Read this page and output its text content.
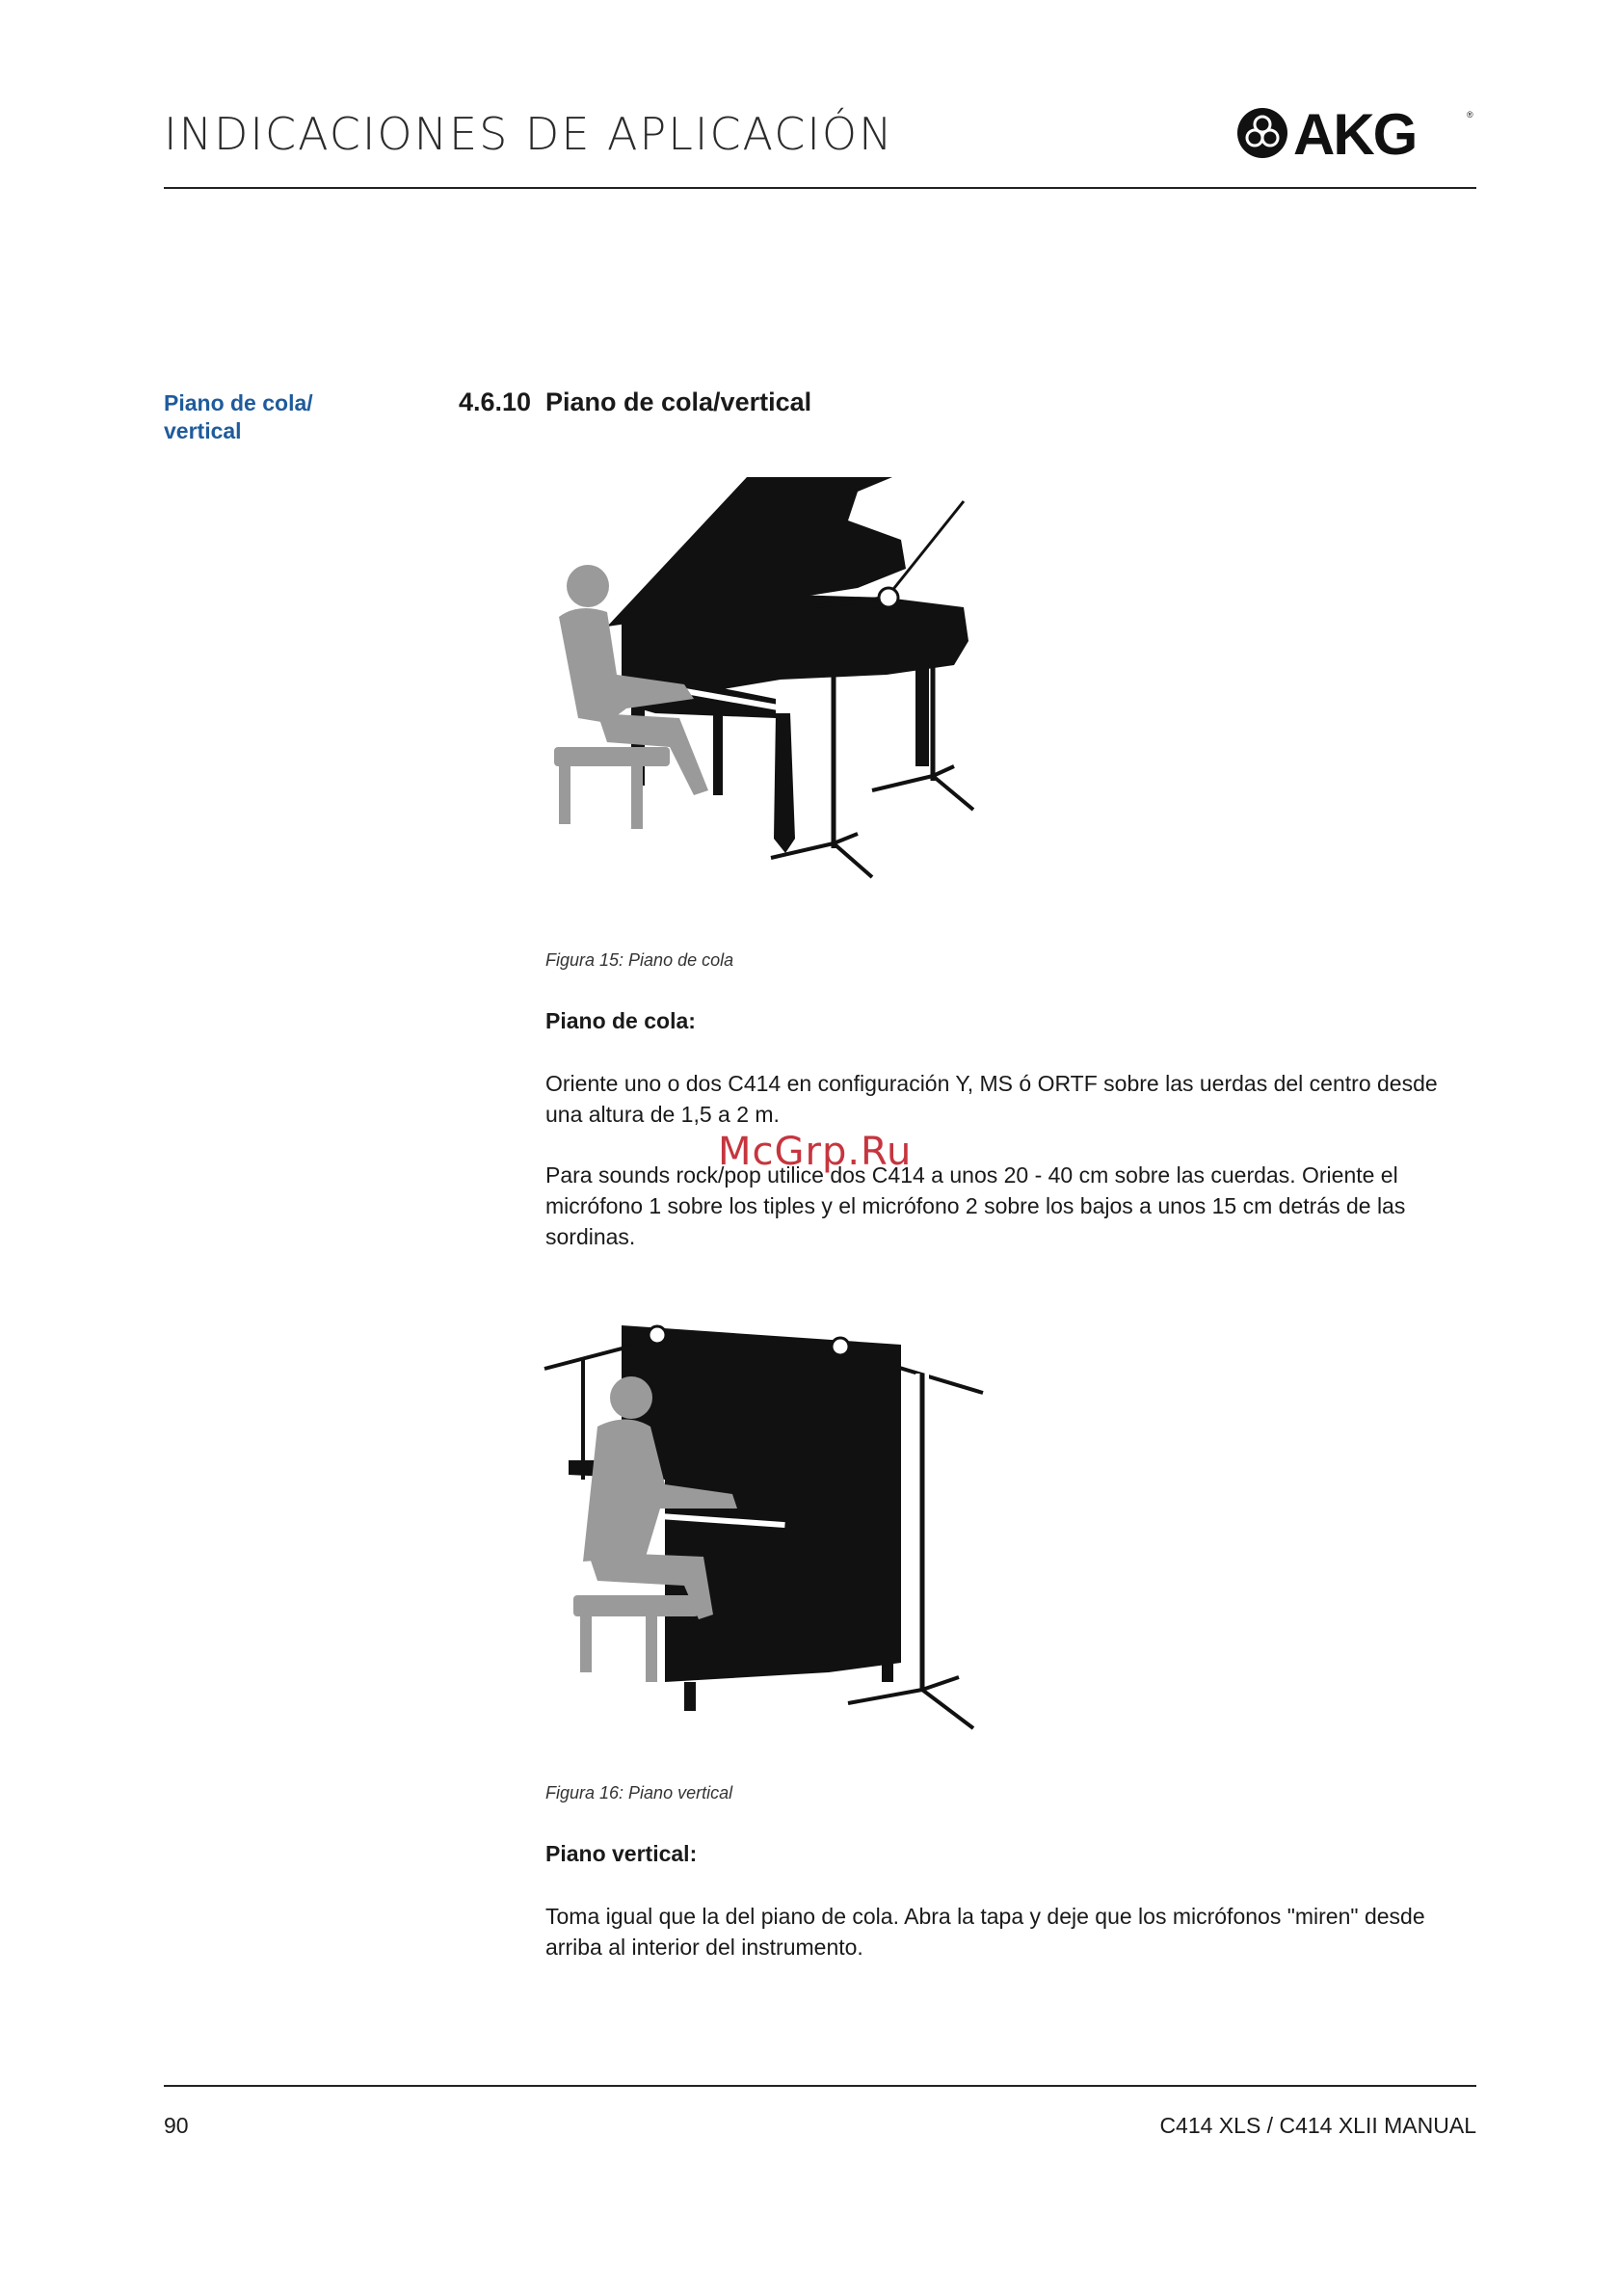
INDICACIONES DE APLICACIÓN	AKG	®
Piano de cola/
vertical
4.6.10 Piano de cola/vertical
Figura 15: Piano de cola
Piano de cola:
Oriente uno o dos C414 en configuración Y, MS ó ORTF sobre las uerdas del centro desde una altura de 1,5 a 2 m.
Para sounds rock/pop utilice dos C414 a unos 20 - 40 cm sobre las cuerdas. Oriente el micrófono 1 sobre los tiples y el micrófono 2 sobre los bajos a unos 15 cm detrás de las sordinas.
McGrp.Ru
Figura 16: Piano vertical
Piano vertical:
Toma igual que la del piano de cola. Abra la tapa y deje que los micrófonos "miren" desde arriba al interior del instrumento.
90	C414 XLS / C414 XLII MANUAL
